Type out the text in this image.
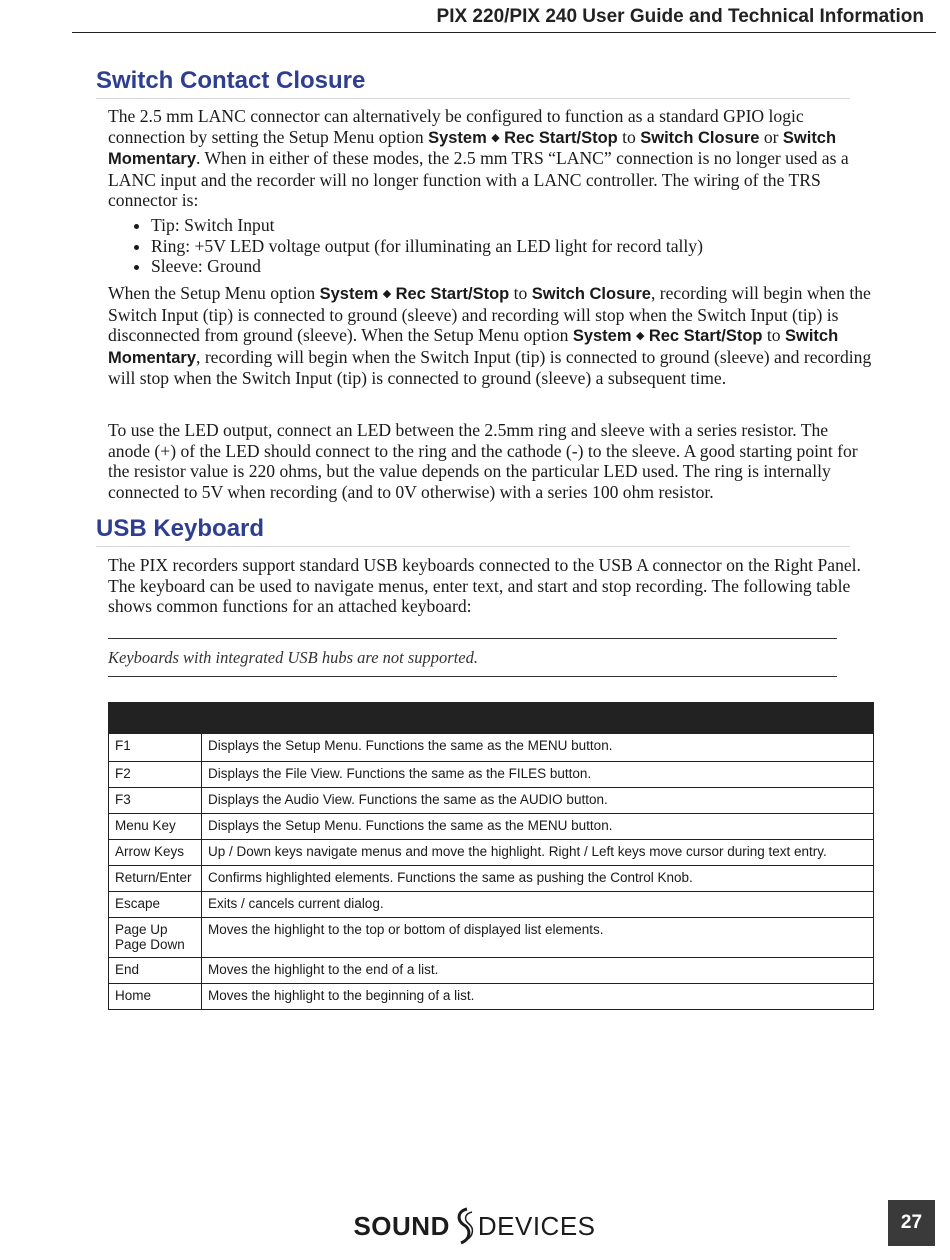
PIX 220/PIX 240 User Guide and Technical Information
Switch Contact Closure

The 2.5 mm LANC connector can alternatively be configured to function as a standard GPIO logic connection by setting the Setup Menu option System ◆ Rec Start/Stop to Switch Closure or Switch Momentary. When in either of these modes, the 2.5 mm TRS “LANC” connection is no longer used as a LANC input and the recorder will no longer function with a LANC controller. The wiring of the TRS connector is:

• Tip: Switch Input
• Ring: +5V LED voltage output (for illuminating an LED light for record tally)
• Sleeve: Ground

When the Setup Menu option System ◆ Rec Start/Stop to Switch Closure, recording will begin when the Switch Input (tip) is connected to ground (sleeve) and recording will stop when the Switch Input (tip) is disconnected from ground (sleeve). When the Setup Menu option System ◆ Rec Start/Stop to Switch Momentary, recording will begin when the Switch Input (tip) is connected to ground (sleeve) and recording will stop when the Switch Input (tip) is connected to ground (sleeve) a subsequent time.

To use the LED output, connect an LED between the 2.5mm ring and sleeve with a series resistor. The anode (+) of the LED should connect to the ring and the cathode (-) to the sleeve. A good starting point for the resistor value is 220 ohms, but the value depends on the particular LED used. The ring is internally connected to 5V when recording (and to 0V otherwise) with a series 100 ohm resistor.

USB Keyboard

The PIX recorders support standard USB keyboards connected to the USB A connector on the Right Panel. The keyboard can be used to navigate menus, enter text, and start and stop recording. The following table shows common functions for an attached keyboard:

Keyboards with integrated USB hubs are not supported.

F1	Displays the Setup Menu. Functions the same as the MENU button.
F2	Displays the File View. Functions the same as the FILES button.
F3	Displays the Audio View. Functions the same as the AUDIO button.
Menu Key	Displays the Setup Menu. Functions the same as the MENU button.
Arrow Keys	Up / Down keys navigate menus and move the highlight. Right / Left keys move cursor during text entry.
Return/Enter	Confirms highlighted elements. Functions the same as pushing the Control Knob.
Escape	Exits / cancels current dialog.

Page Up
Page Down	Moves the highlight to the top or bottom of displayed list elements.
End	Moves the highlight to the end of a list.
Home	Moves the highlight to the beginning of a list.
SOUND DEVICES	27
